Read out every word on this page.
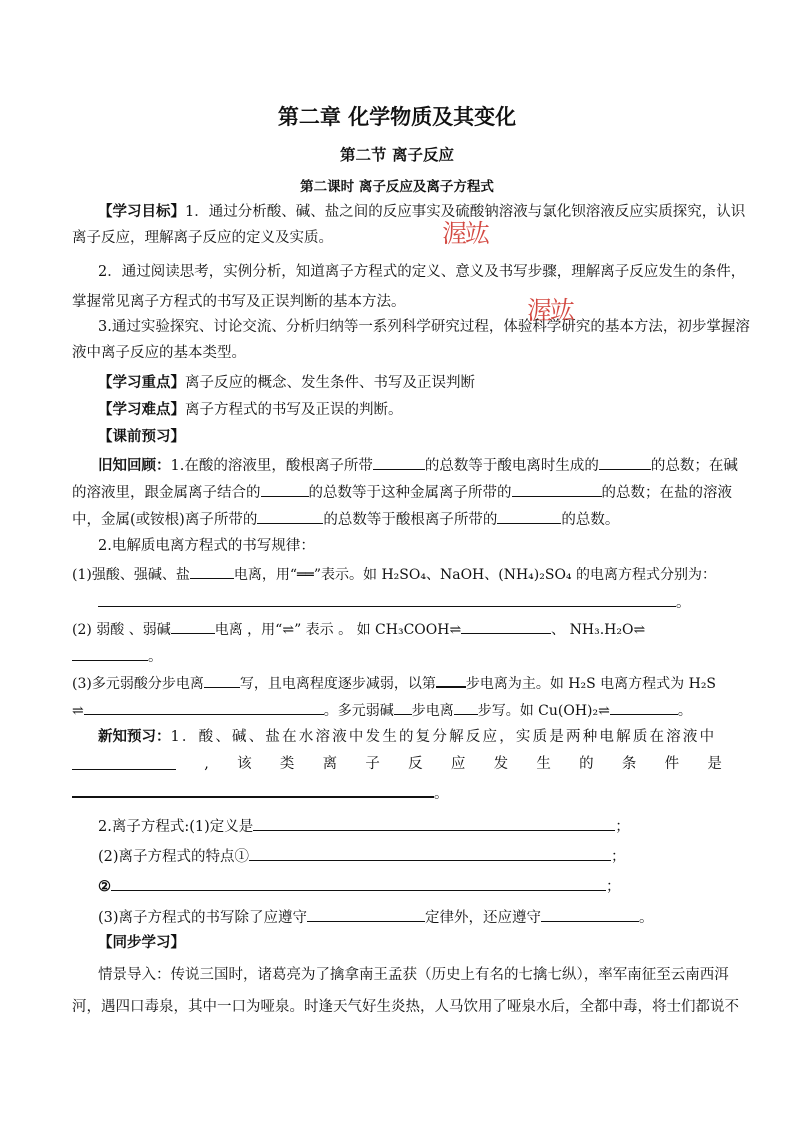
第二章 化学物质及其变化
第二节 离子反应
第二课时 离子反应及离子方程式
【学习目标】1．通过分析酸、碱、盐之间的反应事实及硫酸钠溶液与氯化钡溶液反应实质探究，认识
离子反应，理解离子反应的定义及实质。
2．通过阅读思考，实例分析，知道离子方程式的定义、意义及书写步骤，理解离子反应发生的条件，
掌握常见离子方程式的书写及正误判断的基本方法。
3.通过实验探究、讨论交流、分析归纳等一系列科学研究过程，体验科学研究的基本方法，初步掌握溶
液中离子反应的基本类型。
【学习重点】离子反应的概念、发生条件、书写及正误判断
【学习难点】离子方程式的书写及正误的判断。
【课前预习】
旧知回顾：1.在酸的溶液里，酸根离子所带	的总数等于酸电离时生成的	的总数；在碱
的溶液里，跟金属离子结合的	的总数等于这种金属离子所带的	的总数；在盐的溶液
中，金属(或铵根)离子所带的	的总数等于酸根离子所带的	的总数。
2.电解质电离方程式的书写规律：
(1)强酸、强碱、盐	电离，用“══”表示。如 H₂SO₄、NaOH、(NH₄)₂SO₄ 的电离方程式分别为：
。
(2) 弱酸 、弱碱	电离 ，用“⇌” 表示 。 如 CH₃COOH⇌	、 NH₃.H₂O⇌
。
(3)多元弱酸分步电离	写，且电离程度逐步减弱，以第 步电离为主。如 H₂S 电离方程式为 H₂S
⇌	。多元弱碱 步电离 步写。如 Cu(OH)₂⇌	。
新知预习：1．酸、碱、盐在水溶液中发生的复分解反应，实质是两种电解质在溶液中
, 该 类 离 子 反 应 发 生 的 条 件 是
。
2.离子方程式:(1)定义是	；
(2)离子方程式的特点①	；
②	；
(3)离子方程式的书写除了应遵守	定律外，还应遵守	。
【同步学习】
情景导入：传说三国时，诸葛亮为了擒拿南王孟获（历史上有名的七擒七纵），率军南征至云南西洱
河，遇四口毒泉，其中一口为哑泉。时逢天气好生炎热，人马饮用了哑泉水后，全都中毒，将士们都说不
渥竑
渥竑
